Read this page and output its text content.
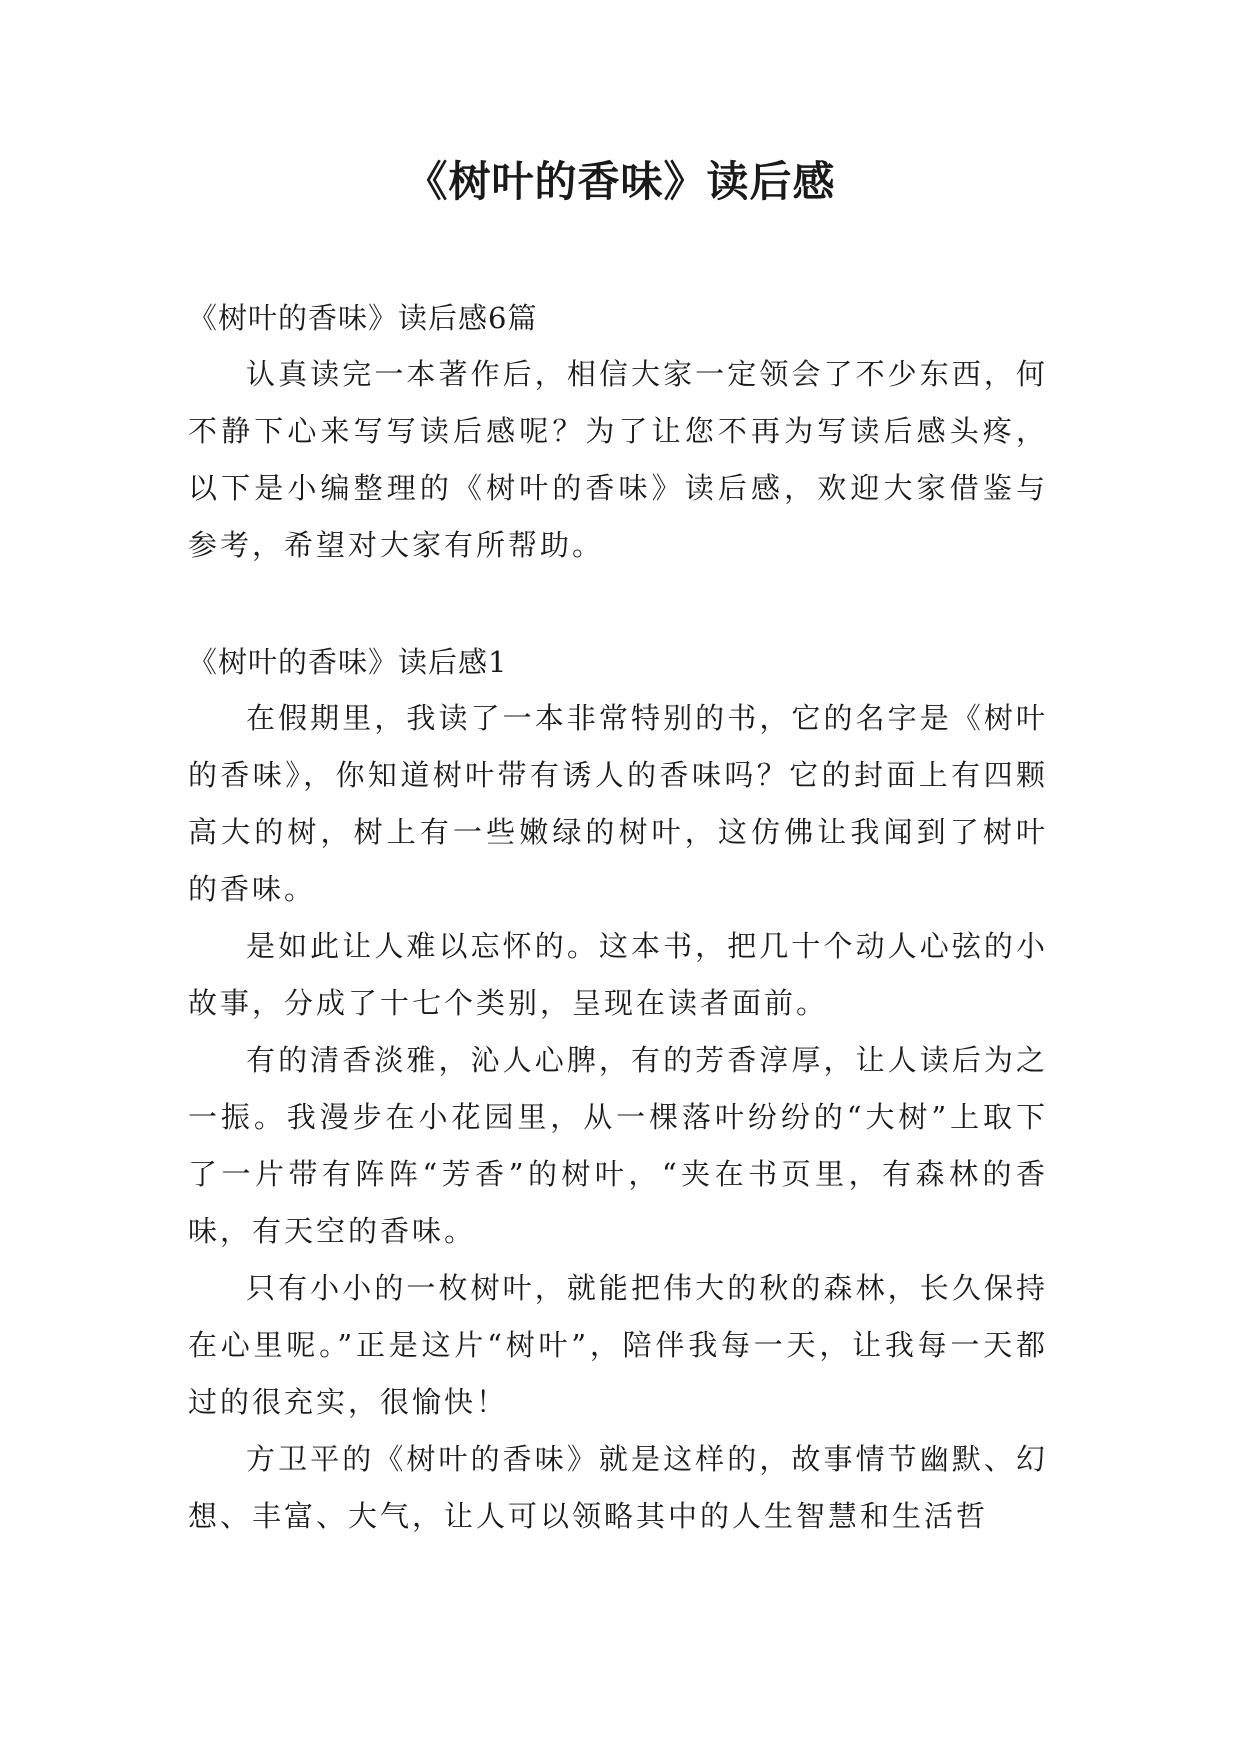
《树叶的香味》读后感

《树叶的香味》读后感6篇

认真读完一本著作后，相信大家一定领会了不少东西，何不静下心来写写读后感呢？为了让您不再为写读后感头疼，以下是小编整理的《树叶的香味》读后感，欢迎大家借鉴与参考，希望对大家有所帮助。

《树叶的香味》读后感1

在假期里，我读了一本非常特别的书，它的名字是《树叶的香味》，你知道树叶带有诱人的香味吗？它的封面上有四颗高大的树，树上有一些嫩绿的树叶，这仿佛让我闻到了树叶的香味。

是如此让人难以忘怀的。这本书，把几十个动人心弦的小故事，分成了十七个类别，呈现在读者面前。

有的清香淡雅，沁人心脾，有的芳香淳厚，让人读后为之一振。我漫步在小花园里，从一棵落叶纷纷的“大树”上取下了一片带有阵阵“芳香”的树叶，“夹在书页里，有森林的香味，有天空的香味。

只有小小的一枚树叶，就能把伟大的秋的森林，长久保持在心里呢。”正是这片“树叶”，陪伴我每一天，让我每一天都过的很充实，很愉快！

方卫平的《树叶的香味》就是这样的，故事情节幽默、幻想、丰富、大气，让人可以领略其中的人生智慧和生活哲
